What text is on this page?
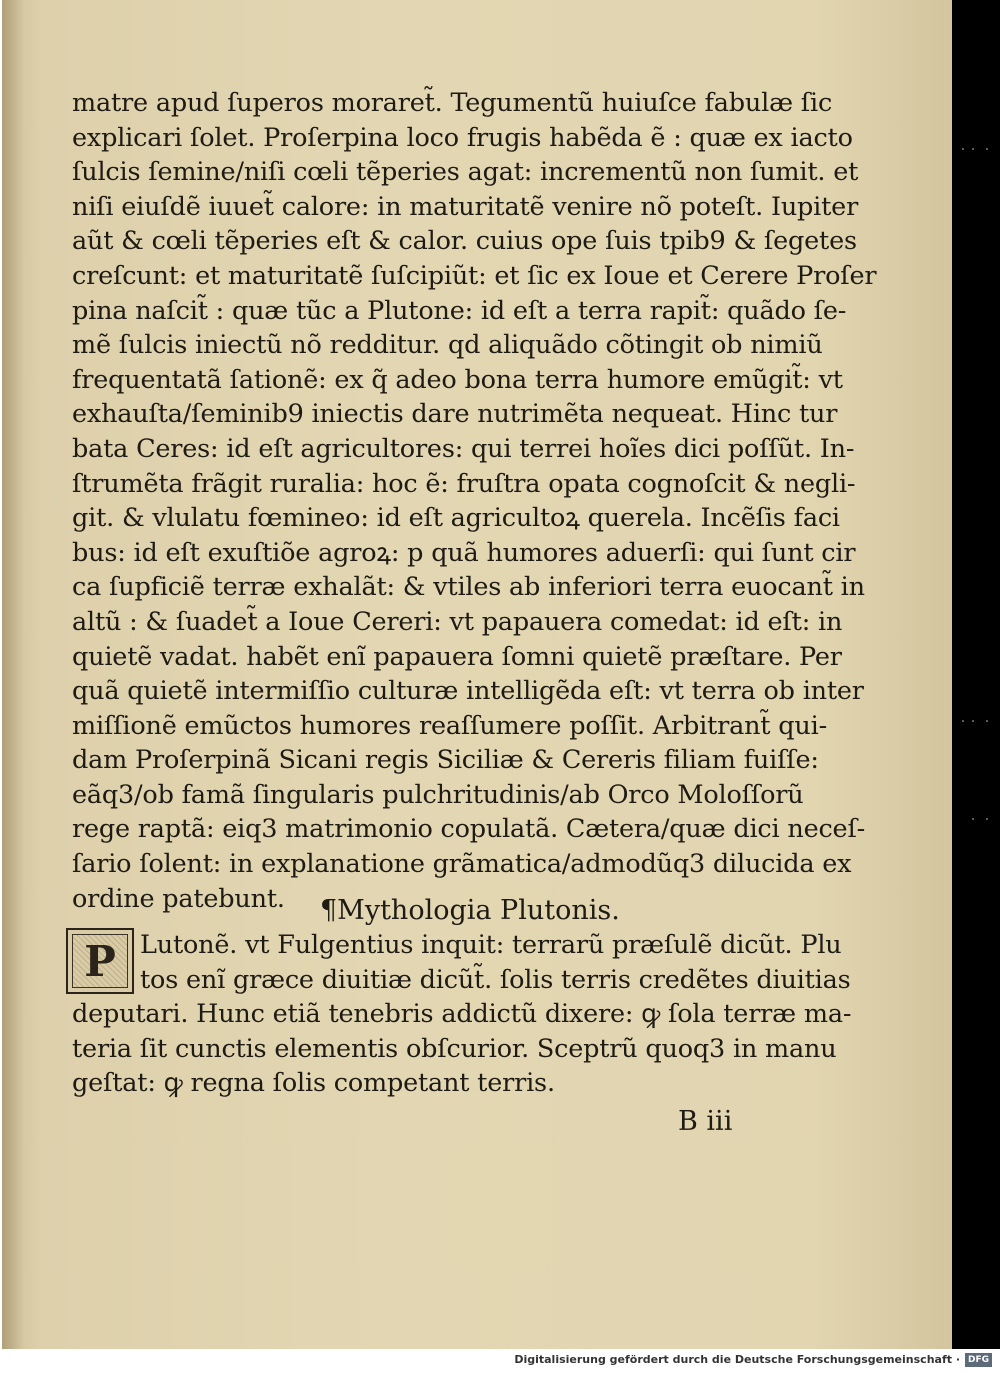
matre apud ſuperos moraret̃. Tegumentũ huiuſce fabulæ ſic
explicari ſolet. Proſerpina loco frugis habẽda ẽ : quæ ex iacto
ſulcis ſemine/niſi cœli tẽperies agat: incrementũ non ſumit. et
niſi eiuſdẽ iuuet̃ calore: in maturitatẽ venire nõ poteſt. Iupiter
aũt & cœli tẽperies eſt & calor. cuius ope ſuis tpib9 & ſegetes
creſcunt: et maturitatẽ ſuſcipiũt: et ſic ex Ioue et Cerere Proſer
pina naſcit̃ : quæ tũc a Plutone: id eſt a terra rapit̃: quãdo ſe-
mẽ ſulcis iniectũ nõ redditur. qd aliquãdo cõtingit ob nimiũ
frequentatã ſationẽ: ex q̃ adeo bona terra humore emũgit̃: vt
exhauſta/ſeminib9 iniectis dare nutrimẽta nequeat. Hinc tur
bata Ceres: id eſt agricultores: qui terrei hoĩes dici poſſũt. In-
ſtrumẽta frãgit ruralia: hoc ẽ: fruſtra opata cognoſcit & negli-
git. & vlulatu fœmineo: id eſt agricultoꝝ querela. Incẽſis faci
bus: id eſt exuſtiõe agroꝝ: p quã humores aduerſi: qui ſunt cir
ca ſupficiẽ terræ exhalãt: & vtiles ab inferiori terra euocant̃ in
altũ : & ſuadet̃ a Ioue Cereri: vt papauera comedat: id eſt: in
quietẽ vadat. habẽt enĩ papauera ſomni quietẽ præſtare. Per
quã quietẽ intermiſſio culturæ intelligẽda eſt: vt terra ob inter
miſſionẽ emũctos humores reaſſumere poſſit. Arbitrant̃ qui-
dam Proſerpinã Sicani regis Siciliæ & Cereris filiam fuiſſe:
eãq3/ob famã ſingularis pulchritudinis/ab Orco Moloſſorũ
rege raptã: eiq3 matrimonio copulatã. Cætera/quæ dici neceſ-
ſario ſolent: in explanatione grãmatica/admodũq3 dilucida ex
ordine patebunt.	¶Mythologia Plutonis.
P Lutonẽ. vt Fulgentius inquit: terrarũ præſulẽ dicũt. Plu
tos enĩ græce diuitiæ dicũt̃. ſolis terris credẽtes diuitias
deputari. Hunc etiã tenebris addictũ dixere: ꝙ ſola terræ ma-
teria ſit cunctis elementis obſcurior. Sceptrũ quoq3 in manu
geſtat: ꝙ regna ſolis competant terris.
B iii
Digitalisierung gefördert durch die Deutsche Forschungsgemeinschaft · DFG
